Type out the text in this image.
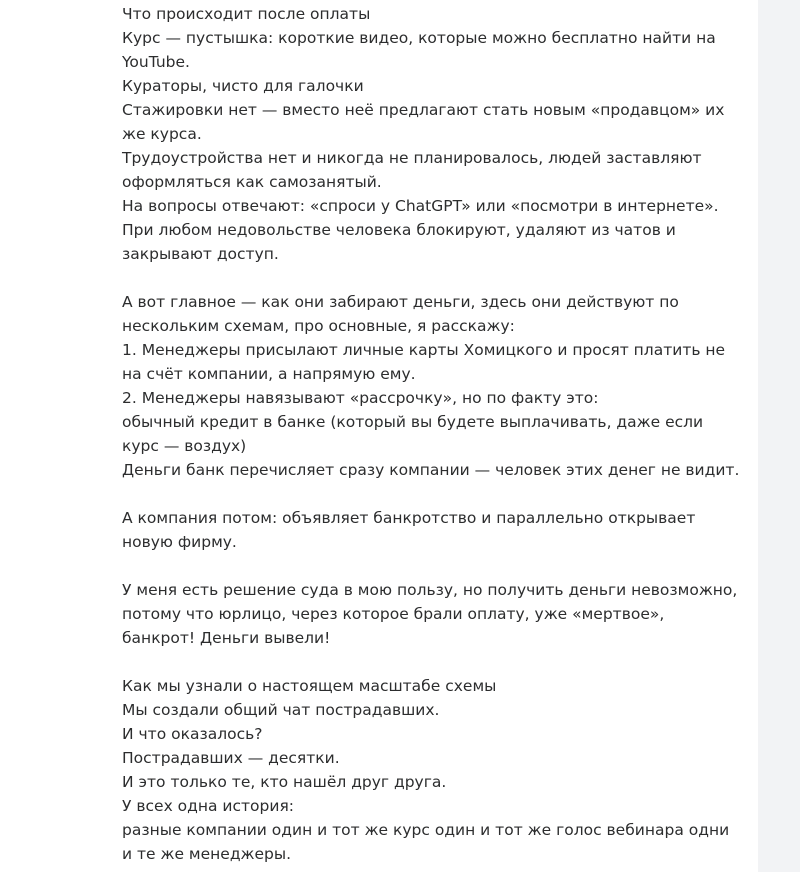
Что происходит после оплаты
Курс — пустышка: короткие видео, которые можно бесплатно найти на YouTube.
Кураторы, чисто для галочки
Стажировки нет — вместо неё предлагают стать новым «продавцом» их же курса.
Трудоустройства нет и никогда не планировалось, людей заставляют оформляться как самозанятый.
На вопросы отвечают: «спроси у ChatGPT» или «посмотри в интернете».
При любом недовольстве человека блокируют, удаляют из чатов и закрывают доступ.

А вот главное — как они забирают деньги, здесь они действуют по нескольким схемам, про основные, я расскажу:
1. Менеджеры присылают личные карты Хомицкого и просят платить не на счёт компании, а напрямую ему.
2. Менеджеры навязывают «рассрочку», но по факту это:
обычный кредит в банке (который вы будете выплачивать, даже если курс — воздух)
Деньги банк перечисляет сразу компании — человек этих денег не видит.

А компания потом: объявляет банкротство и параллельно открывает новую фирму.

У меня есть решение суда в мою пользу, но получить деньги невозможно, потому что юрлицо, через которое брали оплату, уже «мертвое», банкрот! Деньги вывели!

Как мы узнали о настоящем масштабе схемы
Мы создали общий чат пострадавших.
И что оказалось?
Пострадавших — десятки.
И это только те, кто нашёл друг друга.
У всех одна история:
разные компании один и тот же курс один и тот же голос вебинара одни и те же менеджеры.
